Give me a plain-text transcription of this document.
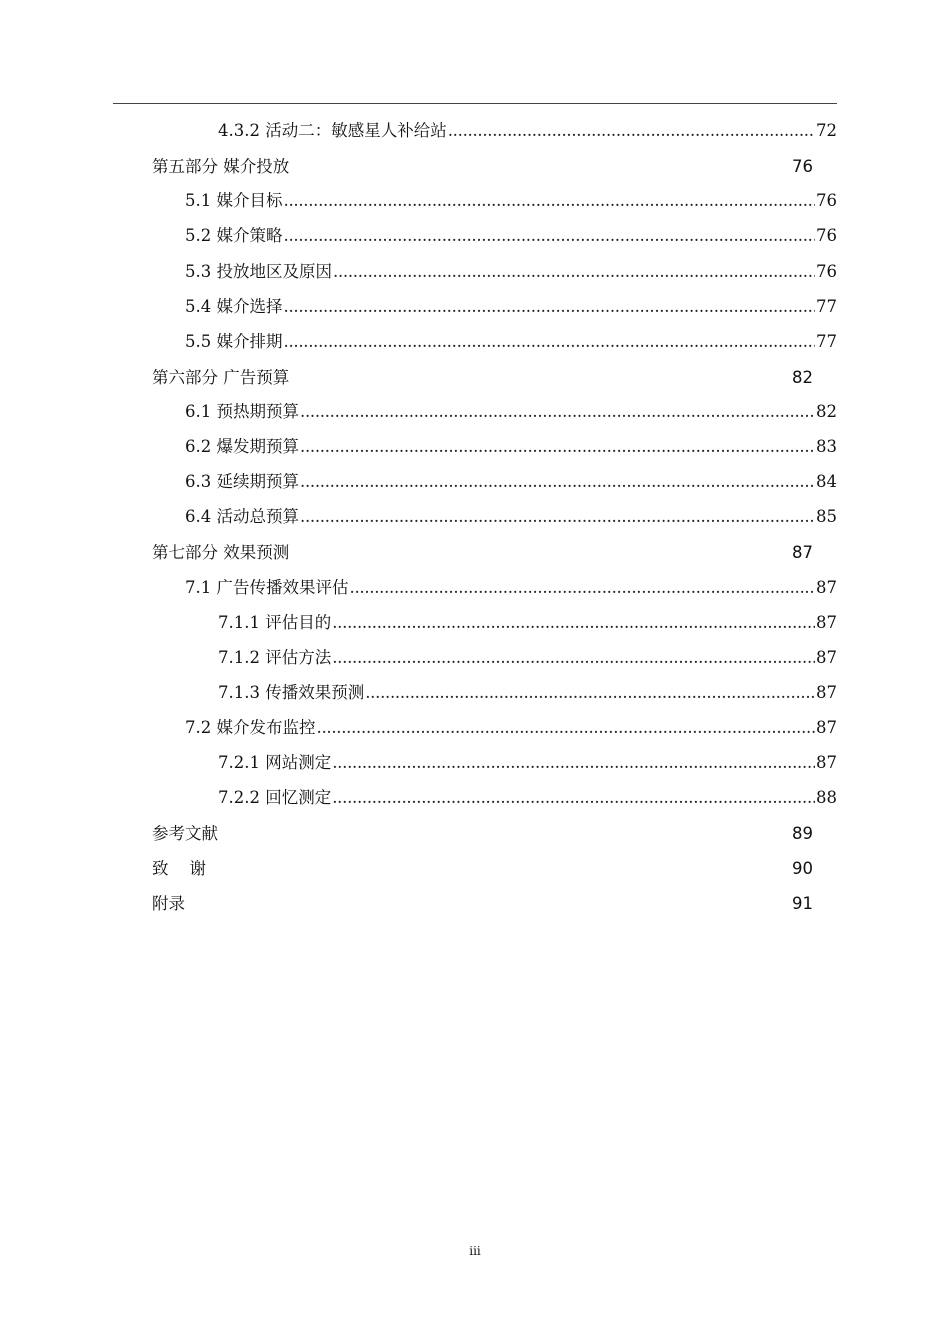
4.3.2 活动二：敏感星人补给站 .....	72
第五部分 媒介投放	76
5.1 媒介目标 .....	76
5.2 媒介策略 .....	76
5.3 投放地区及原因 .....	76
5.4 媒介选择 .....	77
5.5 媒介排期 .....	77
第六部分 广告预算	82
6.1 预热期预算 .....	82
6.2 爆发期预算 .....	83
6.3 延续期预算 .....	84
6.4 活动总预算 .....	85
第七部分 效果预测	87
7.1 广告传播效果评估 .....	87
7.1.1 评估目的 .....	87
7.1.2 评估方法 .....	87
7.1.3 传播效果预测 .....	87
7.2 媒介发布监控 .....	87
7.2.1 网站测定 .....	87
7.2.2 回忆测定 .....	88
参考文献	89
致    谢	90
附录	91
iii
